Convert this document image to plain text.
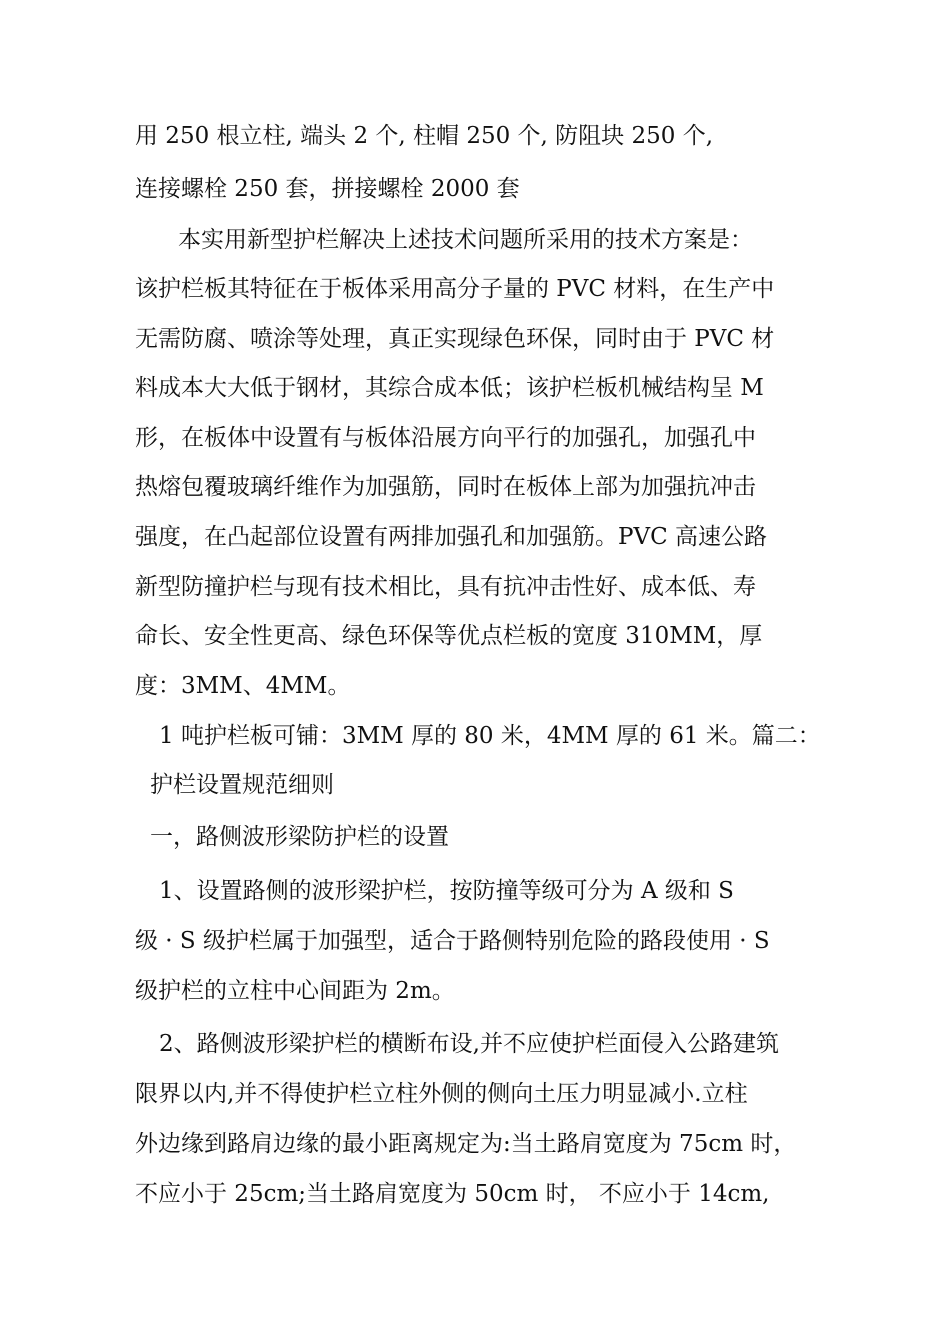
用 250 根立柱, 端头 2 个, 柱帽 250 个, 防阻块 250 个,
连接螺栓 250 套，拼接螺栓 2000 套
本实用新型护栏解决上述技术问题所采用的技术方案是：
该护栏板其特征在于板体采用高分子量的 PVC 材料，在生产中
无需防腐、喷涂等处理，真正实现绿色环保，同时由于 PVC 材
料成本大大低于钢材，其综合成本低；该护栏板机械结构呈 M
形，在板体中设置有与板体沿展方向平行的加强孔，加强孔中
热熔包覆玻璃纤维作为加强筋，同时在板体上部为加强抗冲击
强度，在凸起部位设置有两排加强孔和加强筋。PVC 高速公路
新型防撞护栏与现有技术相比，具有抗冲击性好、成本低、寿
命长、安全性更高、绿色环保等优点栏板的宽度 310MM，厚
度：3MM、4MM。
1 吨护栏板可铺：3MM 厚的 80 米，4MM 厚的 61 米。篇二：
护栏设置规范细则
一，路侧波形梁防护栏的设置
1、设置路侧的波形梁护栏，按防撞等级可分为 A 级和 S
级 · S 级护栏属于加强型，适合于路侧特别危险的路段使用 · S
级护栏的立柱中心间距为 2m。
2、路侧波形梁护栏的横断布设,并不应使护栏面侵入公路建筑
限界以内,并不得使护栏立柱外侧的侧向土压力明显减小.立柱
外边缘到路肩边缘的最小距离规定为:当土路肩宽度为 75cm 时，
不应小于 25cm;当土路肩宽度为 50cm 时， 不应小于 14cm,
